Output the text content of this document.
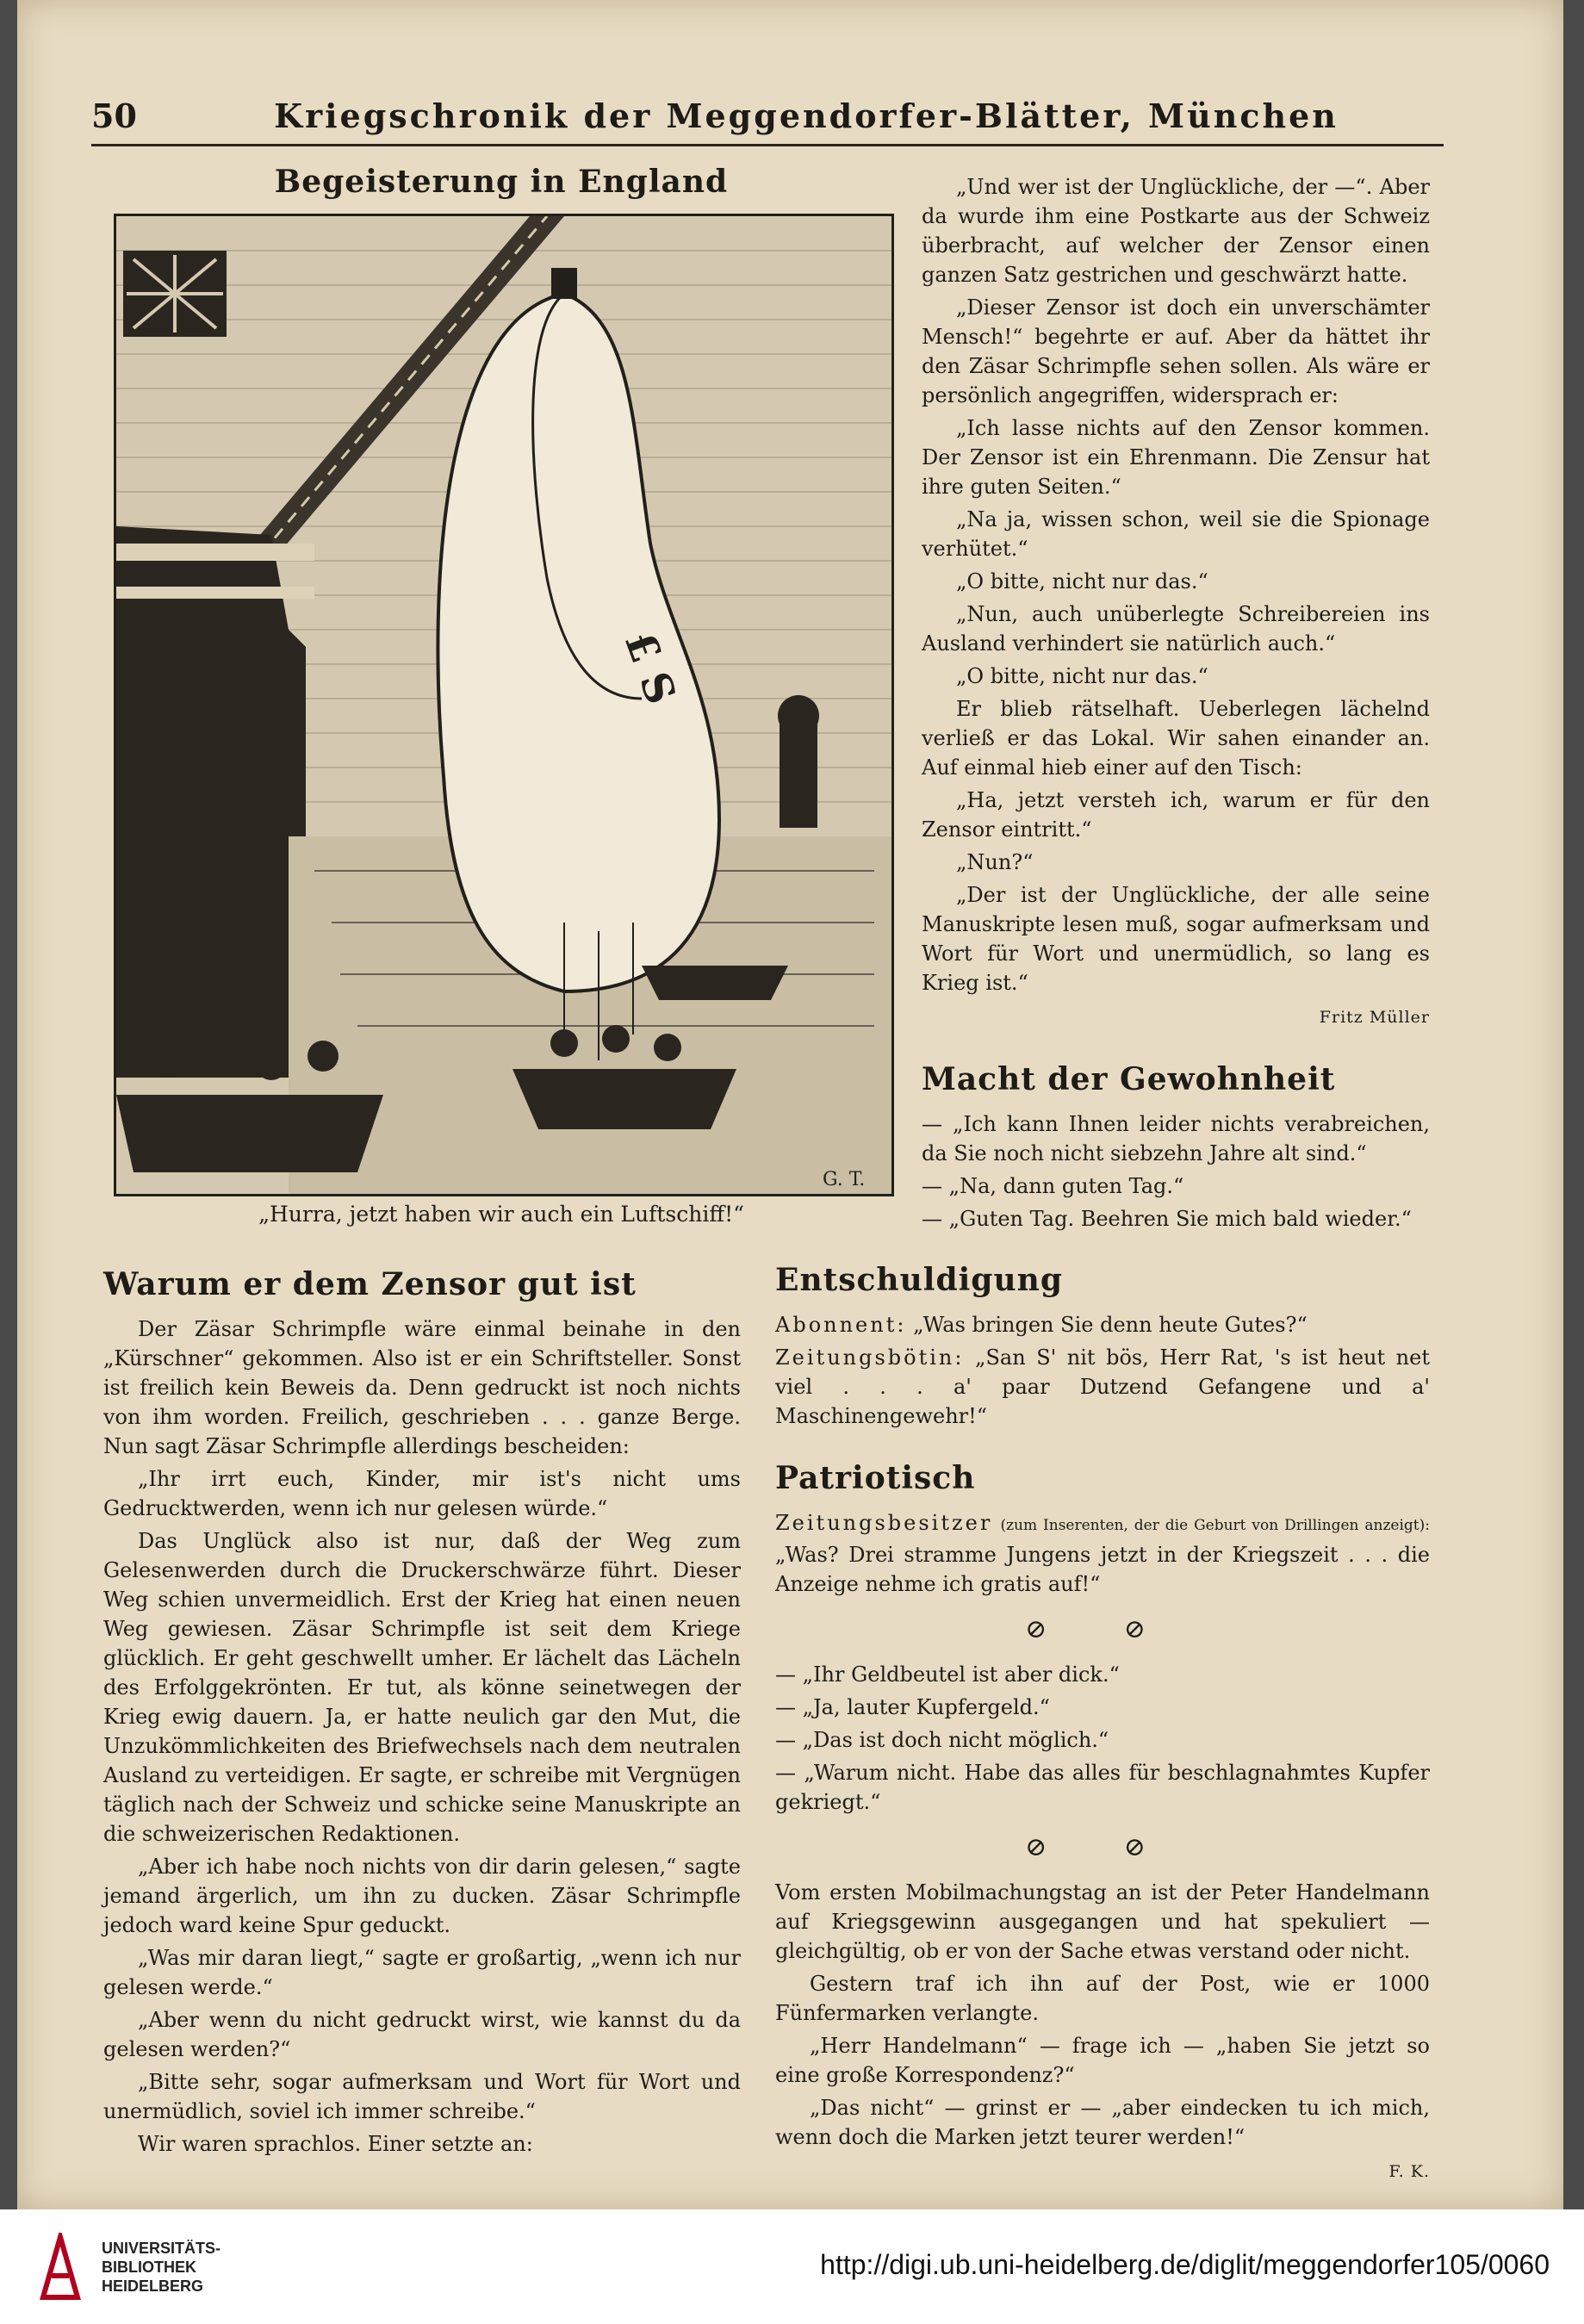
50	Kriegschronik der Meggendorfer-Blätter, München
Begeisterung in England
£ S
G. T.
„Hurra, jetzt haben wir auch ein Luftschiff!“

„Und wer ist der Unglückliche, der —“. Aber da wurde ihm eine Postkarte aus der Schweiz überbracht, auf welcher der Zensor einen ganzen Satz gestrichen und geschwärzt hatte.

„Dieser Zensor ist doch ein unverschämter Mensch!“ begehrte er auf. Aber da hättet ihr den Zäsar Schrimpfle sehen sollen. Als wäre er persönlich angegriffen, widersprach er:

„Ich lasse nichts auf den Zensor kommen. Der Zensor ist ein Ehrenmann. Die Zensur hat ihre guten Seiten.“

„Na ja, wissen schon, weil sie die Spionage verhütet.“

„O bitte, nicht nur das.“

„Nun, auch unüberlegte Schreibereien ins Ausland verhindert sie natürlich auch.“

„O bitte, nicht nur das.“

Er blieb rätselhaft. Ueberlegen lächelnd verließ er das Lokal. Wir sahen einander an. Auf einmal hieb einer auf den Tisch:

„Ha, jetzt versteh ich, warum er für den Zensor eintritt.“

„Nun?“

„Der ist der Unglückliche, der alle seine Manuskripte lesen muß, sogar aufmerksam und Wort für Wort und unermüdlich, so lang es Krieg ist.“

Fritz Müller

Macht der Gewohnheit

— „Ich kann Ihnen leider nichts verabreichen, da Sie noch nicht siebzehn Jahre alt sind.“

— „Na, dann guten Tag.“

— „Guten Tag. Beehren Sie mich bald wieder.“

Warum er dem Zensor gut ist

Der Zäsar Schrimpfle wäre einmal beinahe in den „Kürschner“ gekommen. Also ist er ein Schriftsteller. Sonst ist freilich kein Beweis da. Denn gedruckt ist noch nichts von ihm worden. Freilich, geschrieben . . . ganze Berge. Nun sagt Zäsar Schrimpfle allerdings bescheiden:

„Ihr irrt euch, Kinder, mir ist's nicht ums Gedrucktwerden, wenn ich nur gelesen würde.“

Das Unglück also ist nur, daß der Weg zum Gelesenwerden durch die Druckerschwärze führt. Dieser Weg schien unvermeidlich. Erst der Krieg hat einen neuen Weg gewiesen. Zäsar Schrimpfle ist seit dem Kriege glücklich. Er geht geschwellt umher. Er lächelt das Lächeln des Erfolggekrönten. Er tut, als könne seinetwegen der Krieg ewig dauern. Ja, er hatte neulich gar den Mut, die Unzukömmlichkeiten des Briefwechsels nach dem neutralen Ausland zu verteidigen. Er sagte, er schreibe mit Vergnügen täglich nach der Schweiz und schicke seine Manuskripte an die schweizerischen Redaktionen.

„Aber ich habe noch nichts von dir darin gelesen,“ sagte jemand ärgerlich, um ihn zu ducken. Zäsar Schrimpfle jedoch ward keine Spur geduckt.

„Was mir daran liegt,“ sagte er großartig, „wenn ich nur gelesen werde.“

„Aber wenn du nicht gedruckt wirst, wie kannst du da gelesen werden?“

„Bitte sehr, sogar aufmerksam und Wort für Wort und unermüdlich, soviel ich immer schreibe.“

Wir waren sprachlos. Einer setzte an:

Entschuldigung

Abonnent: „Was bringen Sie denn heute Gutes?“

Zeitungsbötin: „San S' nit bös, Herr Rat, 's ist heut net viel . . . a' paar Dutzend Gefangene und a' Maschinengewehr!“

Patriotisch

Zeitungsbesitzer (zum Inserenten, der die Geburt von Drillingen anzeigt): „Was? Drei stramme Jungens jetzt in der Kriegszeit . . . die Anzeige nehme ich gratis auf!“

⊘ ⊘

— „Ihr Geldbeutel ist aber dick.“

— „Ja, lauter Kupfergeld.“

— „Das ist doch nicht möglich.“

— „Warum nicht. Habe das alles für beschlagnahmtes Kupfer gekriegt.“

⊘ ⊘

Vom ersten Mobilmachungstag an ist der Peter Handelmann auf Kriegsgewinn ausgegangen und hat spekuliert — gleichgültig, ob er von der Sache etwas verstand oder nicht.

Gestern traf ich ihn auf der Post, wie er 1000 Fünfermarken verlangte.

„Herr Handelmann“ — frage ich — „haben Sie jetzt so eine große Korrespondenz?“

„Das nicht“ — grinst er — „aber eindecken tu ich mich, wenn doch die Marken jetzt teurer werden!“

F. K.

UNIVERSITÄTS-
BIBLIOTHEK
HEIDELBERG
http://digi.ub.uni-heidelberg.de/diglit/meggendorfer105/0060
